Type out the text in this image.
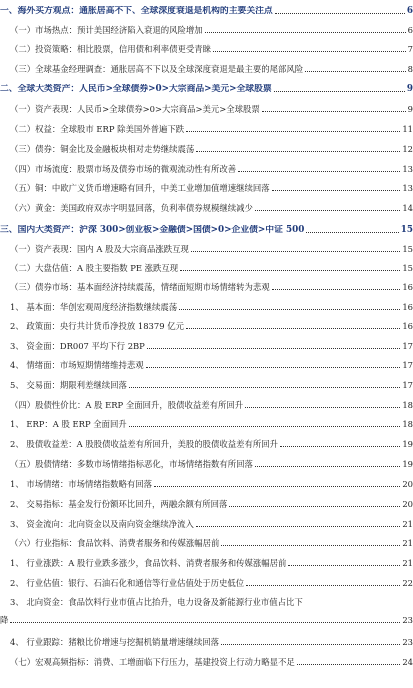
一、海外买方观点：通胀居高不下、全球深度衰退是机构的主要关注点	6
（一）市场热点：预计美国经济陷入衰退的风险增加	6
（二）投资策略：相比股票，信用债和利率债更受青睐	7
（三）全球基金经理调查：通胀居高不下以及全球深度衰退是最主要的尾部风险	8
二、全球大类资产：人民币>全球债券>0>大宗商品>美元>全球股票	9
（一）资产表现：人民币>全球债券>0>大宗商品>美元>全球股票	9
（二）权益：全球股市 ERP 除美国外普遍下跌	11
（三）债券：铜金比及金融板块相对走势继续震荡	12
（四）市场流度：股票市场及债券市场的微观流动性有所改善	13
（五）铜：中欧广义货币增速略有回升，中美工业增加值增速继续回落	13
（六）黄金：美国政府双赤字明显回落，负利率债券规模继续减少	14
三、国内大类资产：沪深 300>创业板>金融债>国债>0>企业债>中证 500	15
（一）资产表现：国内 A 股及大宗商品涨跌互现	15
（二）大盘估值：A 股主要指数 PE 涨跌互现	15
（三）债券市场：基本面经济持续震荡，情绪面短期市场情绪转为悲观	16
1、 基本面：华创宏观周度经济指数继续震荡	16
2、 政策面：央行共计货币净投放 18379 亿元	16
3、 资金面：DR007 平均下行 2BP	17
4、 情绪面：市场短期情绪维持悲观	17
5、 交易面：期限利差继续回落	17
（四）股债性价比：A 股 ERP 全面回升，股债收益差有所回升	18
1、 ERP：A 股 ERP 全面回升	18
2、 股债收益差：A 股股债收益差有所回升，美股的股债收益差有所回升	19
（五）股债情绪：多数市场情绪指标恶化，市场情绪指数有所回落	19
1、 市场情绪：市场情绪指数略有回落	20
2、 交易指标：基金发行份额环比回升，两融余额有所回落	20
3、 资金流向：北向资金以及南向资金继续净流入	21
（六）行业指标：食品饮料、消费者服务和传媒涨幅居前	21
1、 行业涨跌：A 股行业跌多涨少，食品饮料、消费者服务和传媒涨幅居前	21
2、 行业估值：银行、石油石化和通信等行业估值处于历史低位	22
3、 北向资金：食品饮料行业市值占比抬升，电力设备及新能源行业市值占比下
降	23
4、 行业跟踪：猪粮比价增速与挖掘机销量增速继续回落	23
（七）宏观高频指标：消费、工增面临下行压力，基建投资上行动力略显不足	24
